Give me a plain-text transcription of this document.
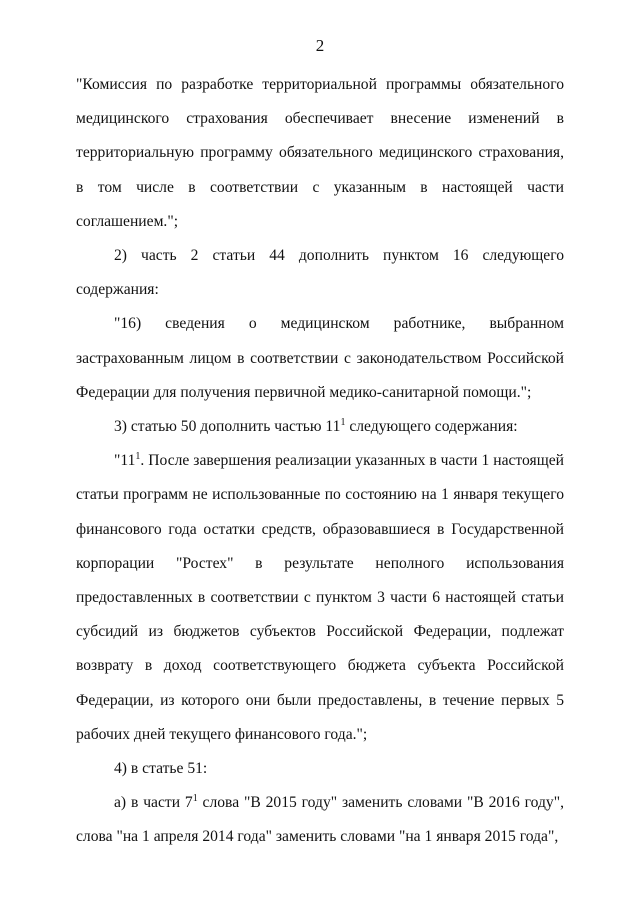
2

"Комиссия по разработке территориальной программы обязательного медицинского страхования обеспечивает внесение изменений в территориальную программу обязательного медицинского страхования, в том числе в соответствии с указанным в настоящей части соглашением.";

2) часть 2 статьи 44 дополнить пунктом 16 следующего содержания:

"16) сведения о медицинском работнике, выбранном застрахованным лицом в соответствии с законодательством Российской Федерации для получения первичной медико-санитарной помощи.";

3) статью 50 дополнить частью $11^1$ следующего содержания:

"$11^1$. После завершения реализации указанных в части 1 настоящей статьи программ не использованные по состоянию на 1 января текущего финансового года остатки средств, образовавшиеся в Государственной корпорации "Ростех" в результате неполного использования предоставленных в соответствии с пунктом 3 части 6 настоящей статьи субсидий из бюджетов субъектов Российской Федерации, подлежат возврату в доход соответствующего бюджета субъекта Российской Федерации, из которого они были предоставлены, в течение первых 5 рабочих дней текущего финансового года.";

4) в статье 51:

а) в части $7^1$ слова "В 2015 году" заменить словами "В 2016 году", слова "на 1 апреля 2014 года" заменить словами "на 1 января 2015 года",
